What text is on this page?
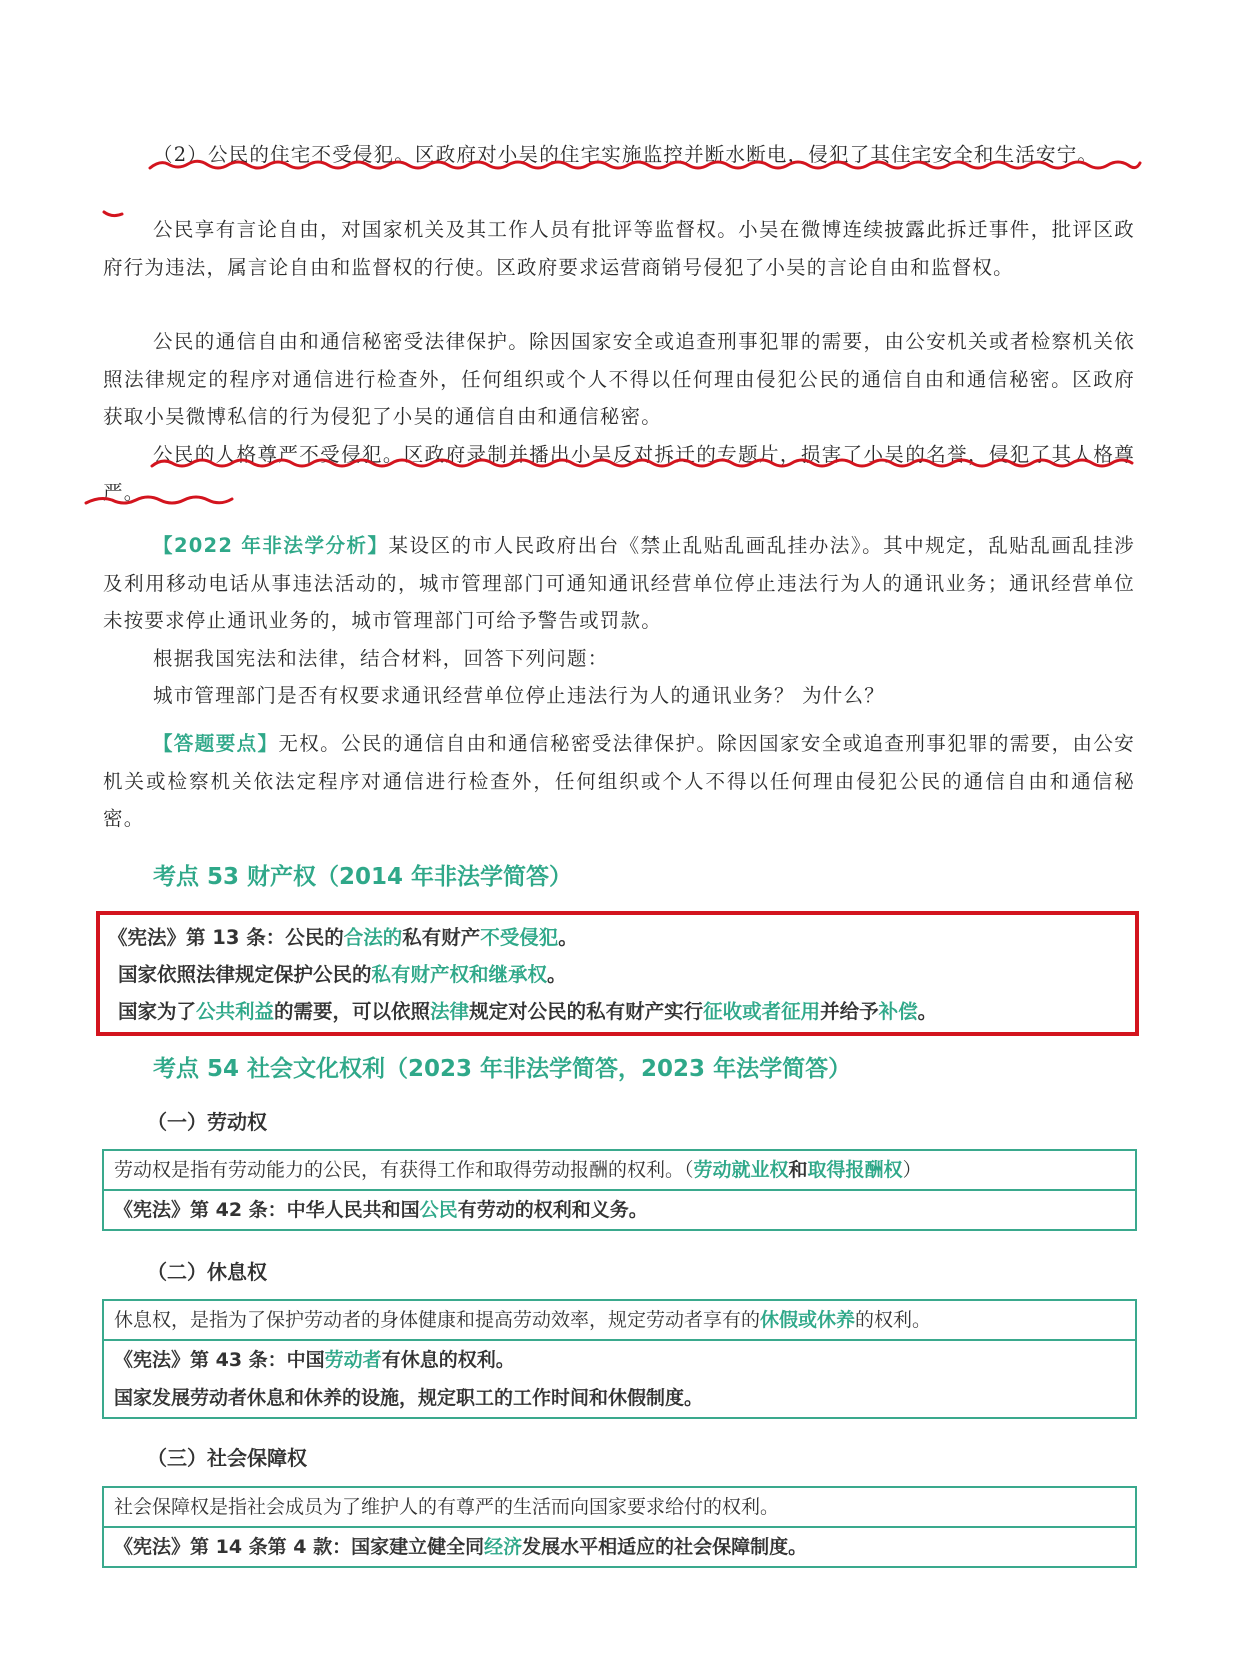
（2）公民的住宅不受侵犯。区政府对小吴的住宅实施监控并断水断电，侵犯了其住宅安全和生活安宁。

公民享有言论自由，对国家机关及其工作人员有批评等监督权。小吴在微博连续披露此拆迁事件，批评区政府行为违法，属言论自由和监督权的行使。区政府要求运营商销号侵犯了小吴的言论自由和监督权。

公民的通信自由和通信秘密受法律保护。除因国家安全或追查刑事犯罪的需要，由公安机关或者检察机关依照法律规定的程序对通信进行检查外，任何组织或个人不得以任何理由侵犯公民的通信自由和通信秘密。区政府获取小吴微博私信的行为侵犯了小吴的通信自由和通信秘密。

公民的人格尊严不受侵犯。区政府录制并播出小吴反对拆迁的专题片，损害了小吴的名誉，侵犯了其人格尊严。

【2022 年非法学分析】某设区的市人民政府出台《禁止乱贴乱画乱挂办法》。其中规定，乱贴乱画乱挂涉及利用移动电话从事违法活动的，城市管理部门可通知通讯经营单位停止违法行为人的通讯业务；通讯经营单位未按要求停止通讯业务的，城市管理部门可给予警告或罚款。

根据我国宪法和法律，结合材料，回答下列问题：

城市管理部门是否有权要求通讯经营单位停止违法行为人的通讯业务？ 为什么？

【答题要点】无权。公民的通信自由和通信秘密受法律保护。除因国家安全或追查刑事犯罪的需要，由公安机关或检察机关依法定程序对通信进行检查外，任何组织或个人不得以任何理由侵犯公民的通信自由和通信秘密。

考点 53 财产权（2014 年非法学简答）
《宪法》第 13 条：公民的合法的私有财产不受侵犯。
国家依照法律规定保护公民的私有财产权和继承权。
国家为了公共利益的需要，可以依照法律规定对公民的私有财产实行征收或者征用并给予补偿。
考点 54 社会文化权利（2023 年非法学简答，2023 年法学简答）
（一）劳动权
劳动权是指有劳动能力的公民，有获得工作和取得劳动报酬的权利。（劳动就业权和取得报酬权）
《宪法》第 42 条：中华人民共和国公民有劳动的权利和义务。
（二）休息权
休息权，是指为了保护劳动者的身体健康和提高劳动效率，规定劳动者享有的休假或休养的权利。
《宪法》第 43 条：中国劳动者有休息的权利。
国家发展劳动者休息和休养的设施，规定职工的工作时间和休假制度。
（三）社会保障权
社会保障权是指社会成员为了维护人的有尊严的生活而向国家要求给付的权利。
《宪法》第 14 条第 4 款：国家建立健全同经济发展水平相适应的社会保障制度。
